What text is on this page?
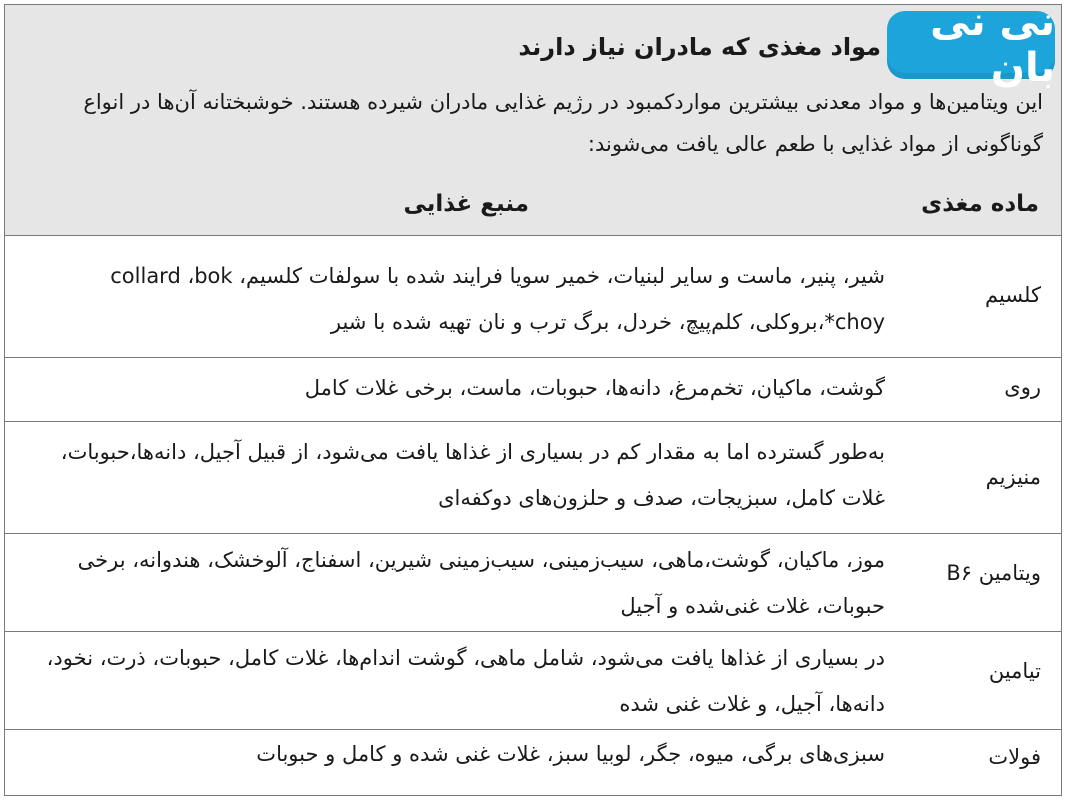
نی نی بان
مواد مغذی که مادران نیاز دارند
این ویتامین‌ها و مواد معدنی بیشترین مواردکمبود در رژیم غذایی مادران شیرده هستند. خوشبختانه آن‌ها در انواع گوناگونی از مواد غذایی با طعم عالی یافت می‌شوند:
ماده مغذی
منبع غذایی
کلسیم
شیر، پنیر، ماست و سایر لبنیات، خمیر سویا فرایند شده با سولفات کلسیم، collard ،bok choy*،بروکلی، کلم‌پیچ، خردل، برگ ترب و نان تهیه شده با شیر
روی
گوشت، ماکیان، تخم‌مرغ، دانه‌ها، حبوبات، ماست، برخی غلات کامل
منیزیم
به‌طور گسترده اما به مقدار کم در بسیاری از غذاها یافت می‌شود، از قبیل آجیل، دانه‌ها،حبوبات، غلات کامل، سبزیجات، صدف و حلزون‌های دوکفه‌ای
ویتامین B۶
موز، ماکیان، گوشت،ماهی، سیب‌زمینی، سیب‌زمینی شیرین، اسفناج، آلوخشک، هندوانه، برخی حبوبات، غلات غنی‌شده و آجیل
تیامین
در بسیاری از غذاها یافت می‌شود، شامل ماهی، گوشت اندام‌ها، غلات کامل، حبوبات، ذرت، نخود، دانه‌ها، آجیل، و غلات غنی شده
فولات
سبزی‌های برگی، میوه، جگر، لوبیا سبز، غلات غنی شده و کامل و حبوبات
